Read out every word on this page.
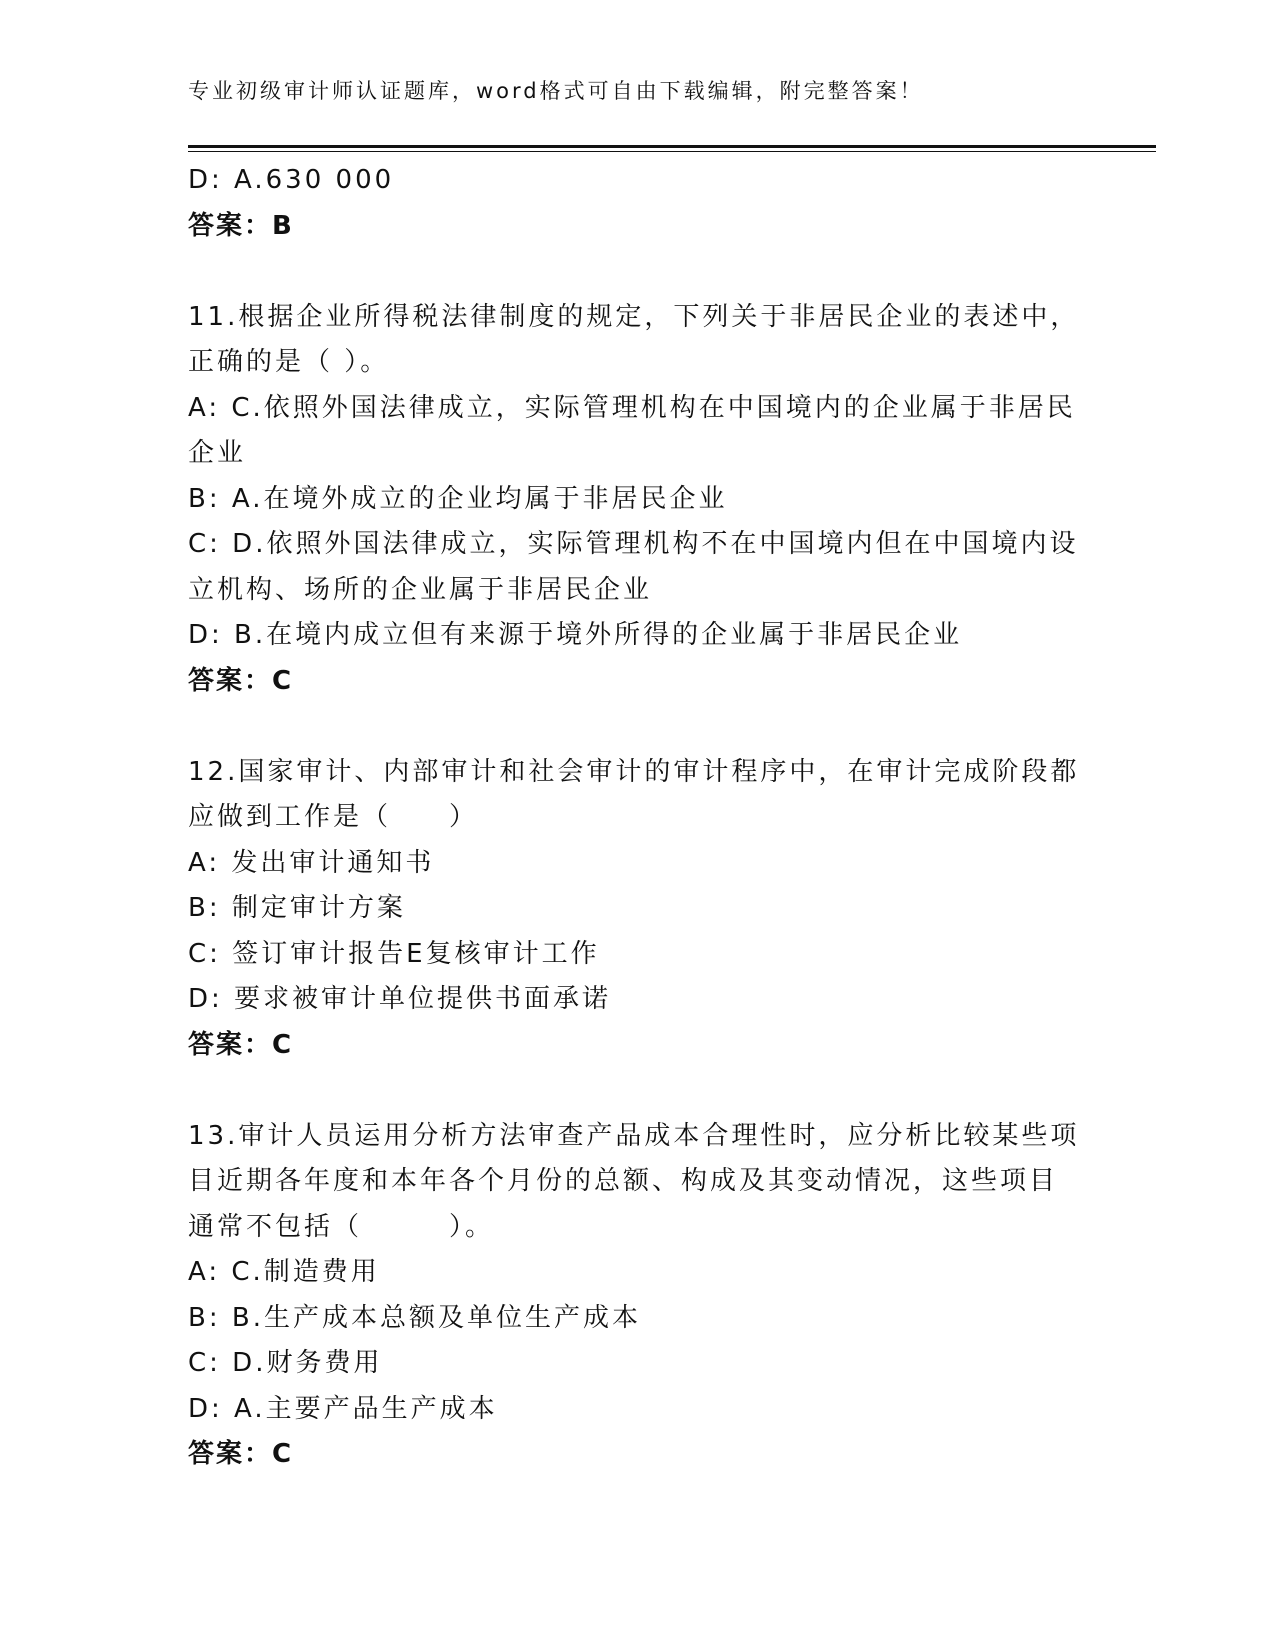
专业初级审计师认证题库，word格式可自由下载编辑，附完整答案！
D: A.630 000
答案：B
11.根据企业所得税法律制度的规定，下列关于非居民企业的表述中，
正确的是（ ）。
A: C.依照外国法律成立，实际管理机构在中国境内的企业属于非居民
企业
B: A.在境外成立的企业均属于非居民企业
C: D.依照外国法律成立，实际管理机构不在中国境内但在中国境内设
立机构、场所的企业属于非居民企业
D: B.在境内成立但有来源于境外所得的企业属于非居民企业
答案：C
12.国家审计、内部审计和社会审计的审计程序中，在审计完成阶段都
应做到工作是（　　）
A: 发出审计通知书
B: 制定审计方案
C: 签订审计报告E复核审计工作
D: 要求被审计单位提供书面承诺
答案：C
13.审计人员运用分析方法审查产品成本合理性时，应分析比较某些项
目近期各年度和本年各个月份的总额、构成及其变动情况，这些项目
通常不包括（　　　）。
A: C.制造费用
B: B.生产成本总额及单位生产成本
C: D.财务费用
D: A.主要产品生产成本
答案：C
